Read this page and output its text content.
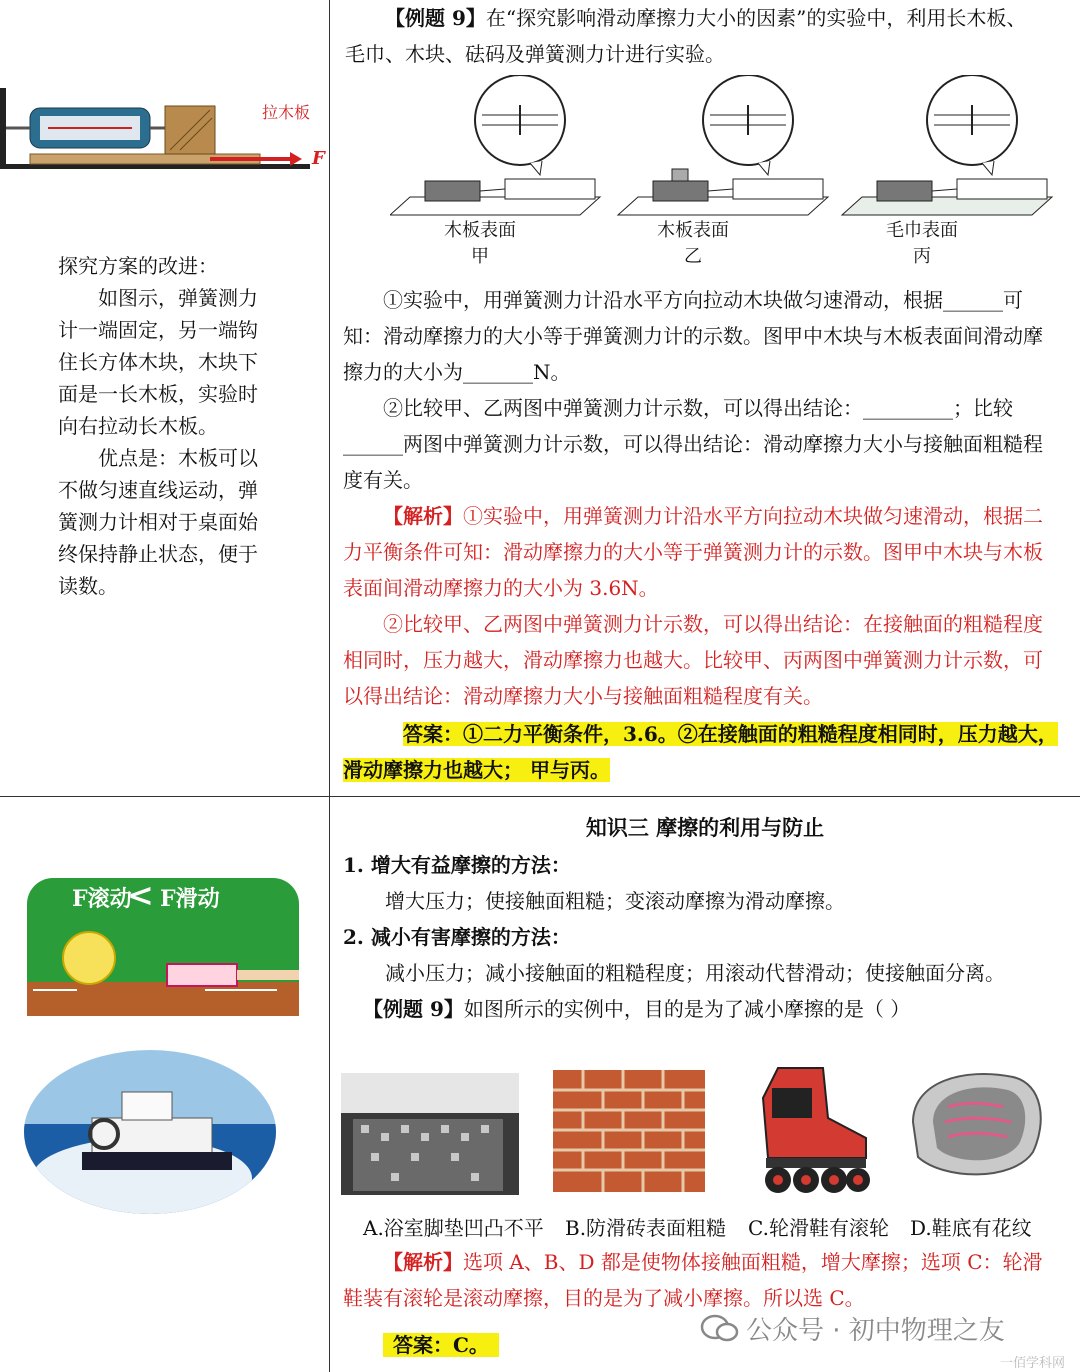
拉木板
F
探究方案的改进：
如图示，弹簧测力
计一端固定，另一端钩
住长方体木块，木块下
面是一长木板，实验时
向右拉动长木板。
优点是：木板可以
不做匀速直线运动，弹
簧测力计相对于桌面始
终保持静止状态，便于
读数。
【例题 9】在“探究影响滑动摩擦力大小的因素”的实验中，利用长木板、
毛巾、木块、砝码及弹簧测力计进行实验。
木板表面
甲
木板表面
乙
毛巾表面
丙
①实验中，用弹簧测力计沿水平方向拉动木块做匀速滑动，根据______可
知：滑动摩擦力的大小等于弹簧测力计的示数。图甲中木块与木板表面间滑动摩
擦力的大小为_______N。
②比较甲、乙两图中弹簧测力计示数，可以得出结论：_________；比较
______两图中弹簧测力计示数，可以得出结论：滑动摩擦力大小与接触面粗糙程
度有关。
【解析】①实验中，用弹簧测力计沿水平方向拉动木块做匀速滑动，根据二
力平衡条件可知：滑动摩擦力的大小等于弹簧测力计的示数。图甲中木块与木板
表面间滑动摩擦力的大小为 3.6N。
②比较甲、乙两图中弹簧测力计示数，可以得出结论：在接触面的粗糙程度
相同时，压力越大，滑动摩擦力也越大。比较甲、丙两图中弹簧测力计示数，可
以得出结论：滑动摩擦力大小与接触面粗糙程度有关。
答案：①二力平衡条件，3.6。②在接触面的粗糙程度相同时，压力越大，
滑动摩擦力也越大； 甲与丙。
F滚动
< F滑动
知识三 摩擦的利用与防止
1. 增大有益摩擦的方法：
增大压力；使接触面粗糙；变滚动摩擦为滑动摩擦。
2. 减小有害摩擦的方法：
减小压力；减小接触面的粗糙程度；用滚动代替滑动；使接触面分离。
【例题 9】如图所示的实例中，目的是为了减小摩擦的是（ ）
A.浴室脚垫凹凸不平 B.防滑砖表面粗糙 C.轮滑鞋有滚轮 D.鞋底有花纹
【解析】选项 A、B、D 都是使物体接触面粗糙，增大摩擦；选项 C：轮滑
鞋装有滚轮是滚动摩擦，目的是为了减小摩擦。所以选 C。
答案：C。	公众号 · 初中物理之友
一佰学科网
